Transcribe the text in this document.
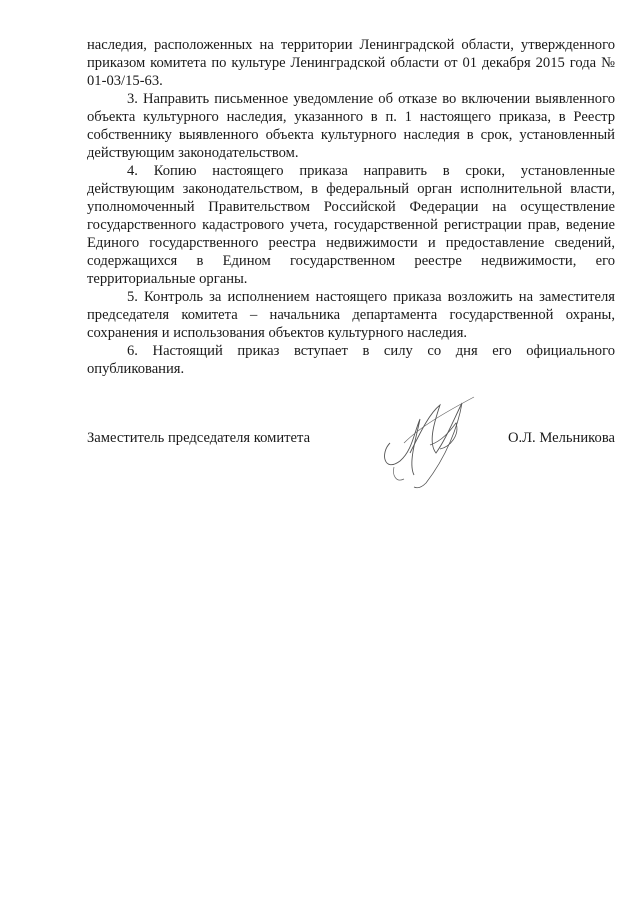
наследия, расположенных на территории Ленинградской области, утвержденного приказом комитета по культуре Ленинградской области от 01 декабря 2015 года № 01-03/15-63.

3. Направить письменное уведомление об отказе во включении выявленного объекта культурного наследия, указанного в п. 1 настоящего приказа, в Реестр собственнику выявленного объекта культурного наследия в срок, установленный действующим законодательством.

4. Копию настоящего приказа направить в сроки, установленные действующим законодательством, в федеральный орган исполнительной власти, уполномоченный Правительством Российской Федерации на осуществление государственного кадастрового учета, государственной регистрации прав, ведение Единого государственного реестра недвижимости и предоставление сведений, содержащихся в Едином государственном реестре недвижимости, его территориальные органы.

5. Контроль за исполнением настоящего приказа возложить на заместителя председателя комитета – начальника департамента государственной охраны, сохранения и использования объектов культурного наследия.

6. Настоящий приказ вступает в силу со дня его официального опубликования.

Заместитель председателя комитета	О.Л. Мельникова
